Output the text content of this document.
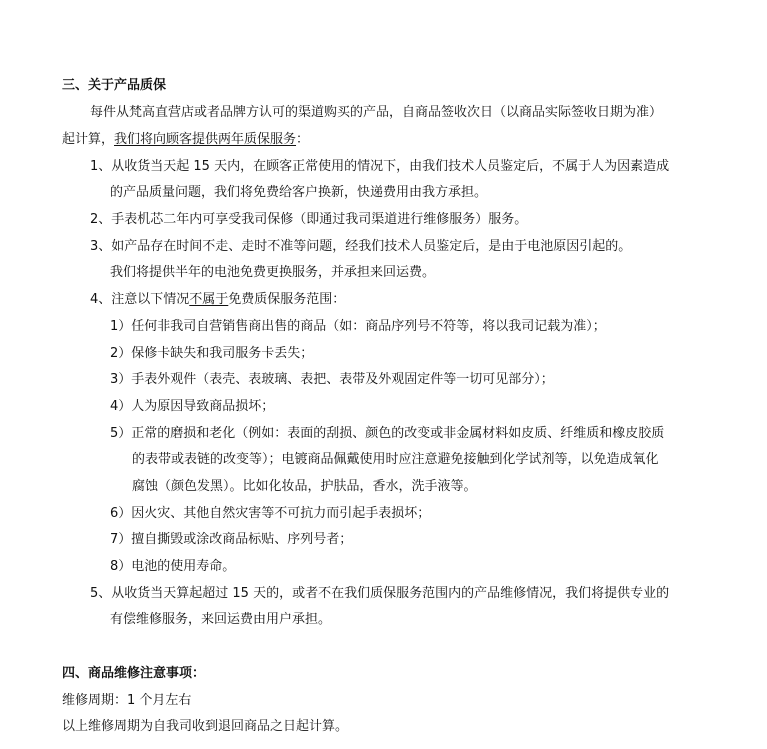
三、关于产品质保
每件从梵高直营店或者品牌方认可的渠道购买的产品，自商品签收次日（以商品实际签收日期为准）
起计算，我们将向顾客提供两年质保服务：
1、从收货当天起 15 天内，在顾客正常使用的情况下，由我们技术人员鉴定后，不属于人为因素造成
的产品质量问题，我们将免费给客户换新，快递费用由我方承担。
2、手表机芯二年内可享受我司保修（即通过我司渠道进行维修服务）服务。
3、如产品存在时间不走、走时不准等问题，经我们技术人员鉴定后，是由于电池原因引起的。
我们将提供半年的电池免费更换服务，并承担来回运费。
4、注意以下情况不属于免费质保服务范围：
1）任何非我司自营销售商出售的商品（如：商品序列号不符等，将以我司记载为准）；
2）保修卡缺失和我司服务卡丢失；
3）手表外观件（表壳、表玻璃、表把、表带及外观固定件等一切可见部分）；
4）人为原因导致商品损坏；
5）正常的磨损和老化（例如：表面的刮损、颜色的改变或非金属材料如皮质、纤维质和橡皮胶质
的表带或表链的改变等）；电镀商品佩戴使用时应注意避免接触到化学试剂等，以免造成氧化
腐蚀（颜色发黑）。比如化妆品，护肤品，香水，洗手液等。
6）因火灾、其他自然灾害等不可抗力而引起手表损坏；
7）擅自撕毁或涂改商品标贴、序列号者；
8）电池的使用寿命。
5、从收货当天算起超过 15 天的，或者不在我们质保服务范围内的产品维修情况，我们将提供专业的
有偿维修服务，来回运费由用户承担。
四、商品维修注意事项：
维修周期：1 个月左右
以上维修周期为自我司收到退回商品之日起计算。
